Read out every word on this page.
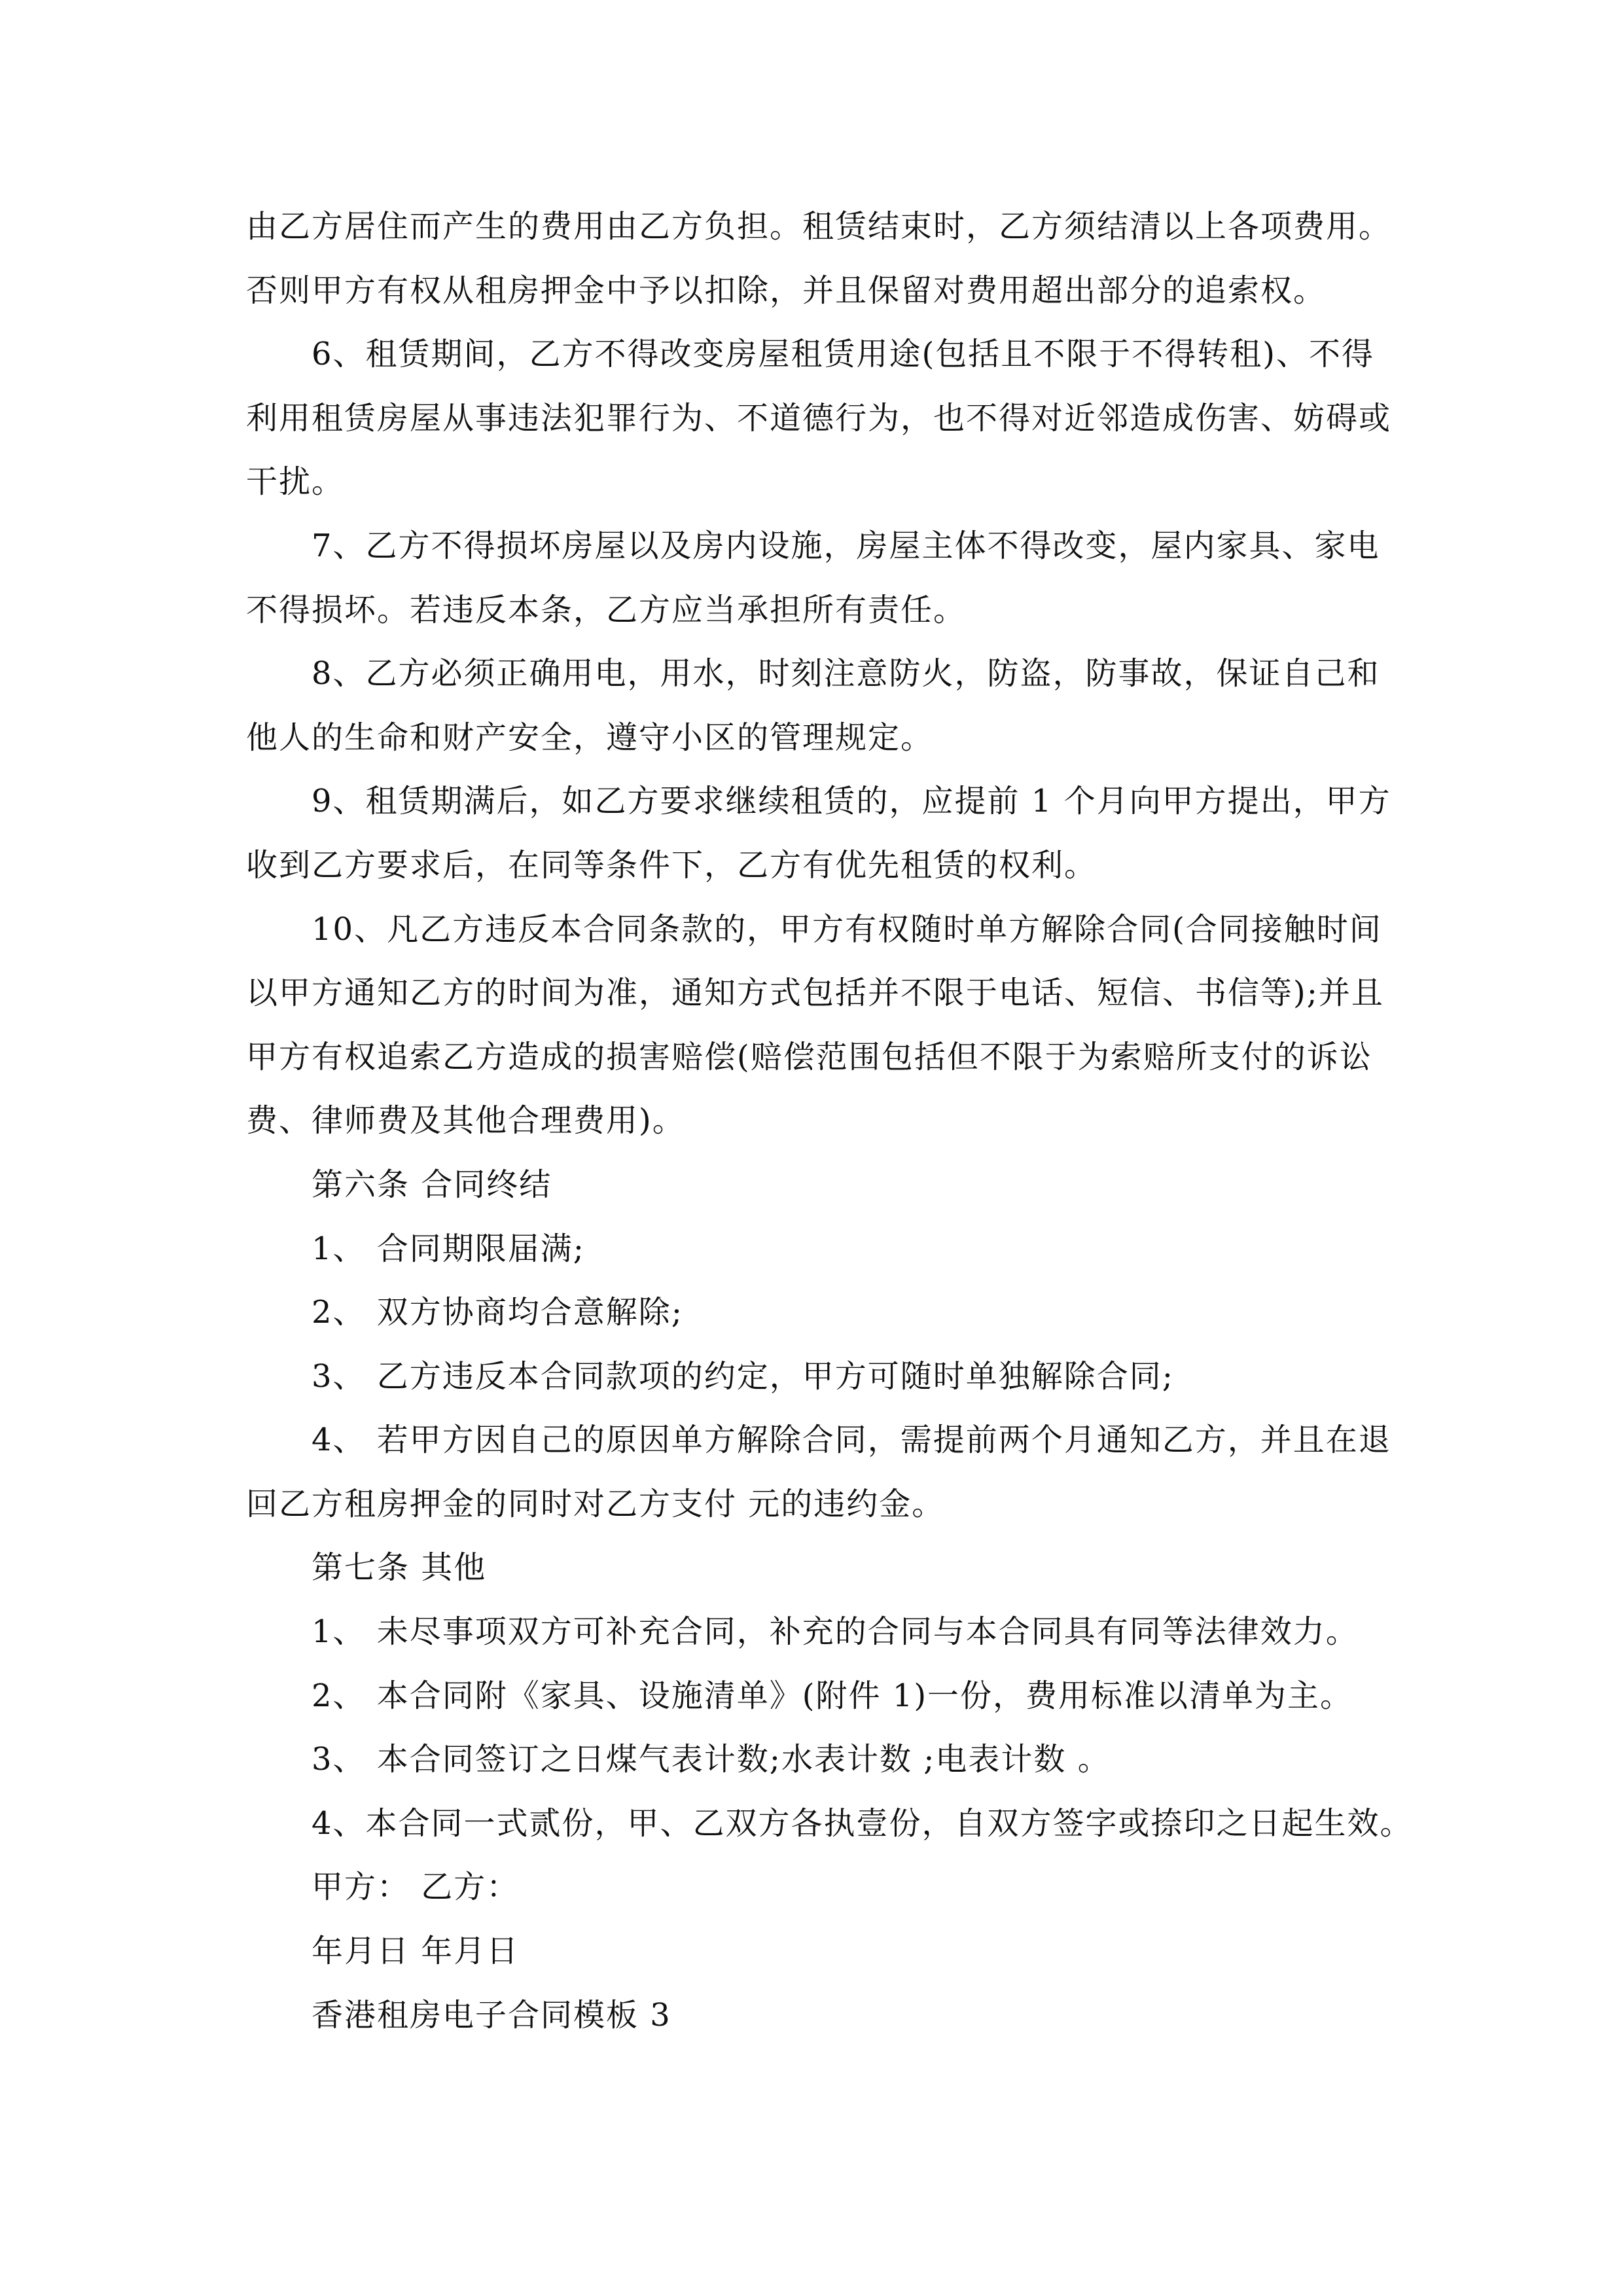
由乙方居住而产生的费用由乙方负担。租赁结束时，乙方须结清以上各项费用。
否则甲方有权从租房押金中予以扣除，并且保留对费用超出部分的追索权。
6、租赁期间，乙方不得改变房屋租赁用途(包括且不限于不得转租)、不得
利用租赁房屋从事违法犯罪行为、不道德行为，也不得对近邻造成伤害、妨碍或
干扰。
7、乙方不得损坏房屋以及房内设施，房屋主体不得改变，屋内家具、家电
不得损坏。若违反本条，乙方应当承担所有责任。
8、乙方必须正确用电，用水，时刻注意防火，防盗，防事故，保证自己和
他人的生命和财产安全，遵守小区的管理规定。
9、租赁期满后，如乙方要求继续租赁的，应提前 1 个月向甲方提出，甲方
收到乙方要求后，在同等条件下，乙方有优先租赁的权利。
10、凡乙方违反本合同条款的，甲方有权随时单方解除合同(合同接触时间
以甲方通知乙方的时间为准，通知方式包括并不限于电话、短信、书信等);并且
甲方有权追索乙方造成的损害赔偿(赔偿范围包括但不限于为索赔所支付的诉讼
费、律师费及其他合理费用)。
第六条 合同终结
1、 合同期限届满;
2、 双方协商均合意解除;
3、 乙方违反本合同款项的约定，甲方可随时单独解除合同;
4、 若甲方因自己的原因单方解除合同，需提前两个月通知乙方，并且在退
回乙方租房押金的同时对乙方支付 元的违约金。
第七条 其他
1、 未尽事项双方可补充合同，补充的合同与本合同具有同等法律效力。
2、 本合同附《家具、设施清单》(附件 1)一份，费用标准以清单为主。
3、 本合同签订之日煤气表计数;水表计数 ;电表计数 。
4、本合同一式贰份，甲、乙双方各执壹份，自双方签字或捺印之日起生效。
甲方： 乙方：
年月日 年月日
香港租房电子合同模板 3
